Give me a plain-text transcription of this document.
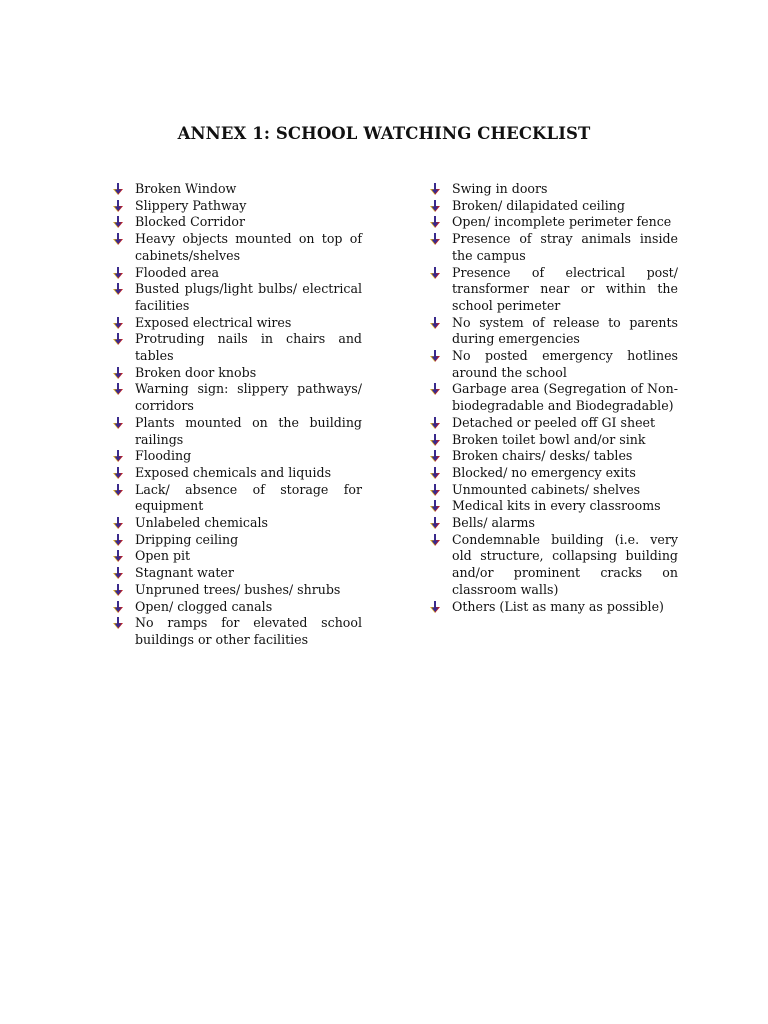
ANNEX 1: SCHOOL WATCHING CHECKLIST
Broken Window
Slippery Pathway
Blocked Corridor
Heavy objects mounted on top of cabinets/shelves
Flooded area
Busted plugs/light bulbs/ electrical facilities
Exposed electrical wires
Protruding nails in chairs and tables
Broken door knobs
Warning sign: slippery pathways/ corridors
Plants mounted on the building railings
Flooding
Exposed chemicals and liquids
Lack/ absence of storage for equipment
Unlabeled chemicals
Dripping ceiling
Open pit
Stagnant water
Unpruned trees/ bushes/ shrubs
Open/ clogged canals
No ramps for elevated school buildings or other facilities
Swing in doors
Broken/ dilapidated ceiling
Open/ incomplete perimeter fence
Presence of stray animals inside the campus
Presence of electrical post/ transformer near or within the school perimeter
No system of release to parents during emergencies
No posted emergency hotlines around the school
Garbage area (Segregation of Non-biodegradable and Biodegradable)
Detached or peeled off GI sheet
Broken toilet bowl and/or sink
Broken chairs/ desks/ tables
Blocked/ no emergency exits
Unmounted cabinets/ shelves
Medical kits in every classrooms
Bells/ alarms
Condemnable building (i.e. very old structure, collapsing building and/or prominent cracks on classroom walls)
Others (List as many as possible)
